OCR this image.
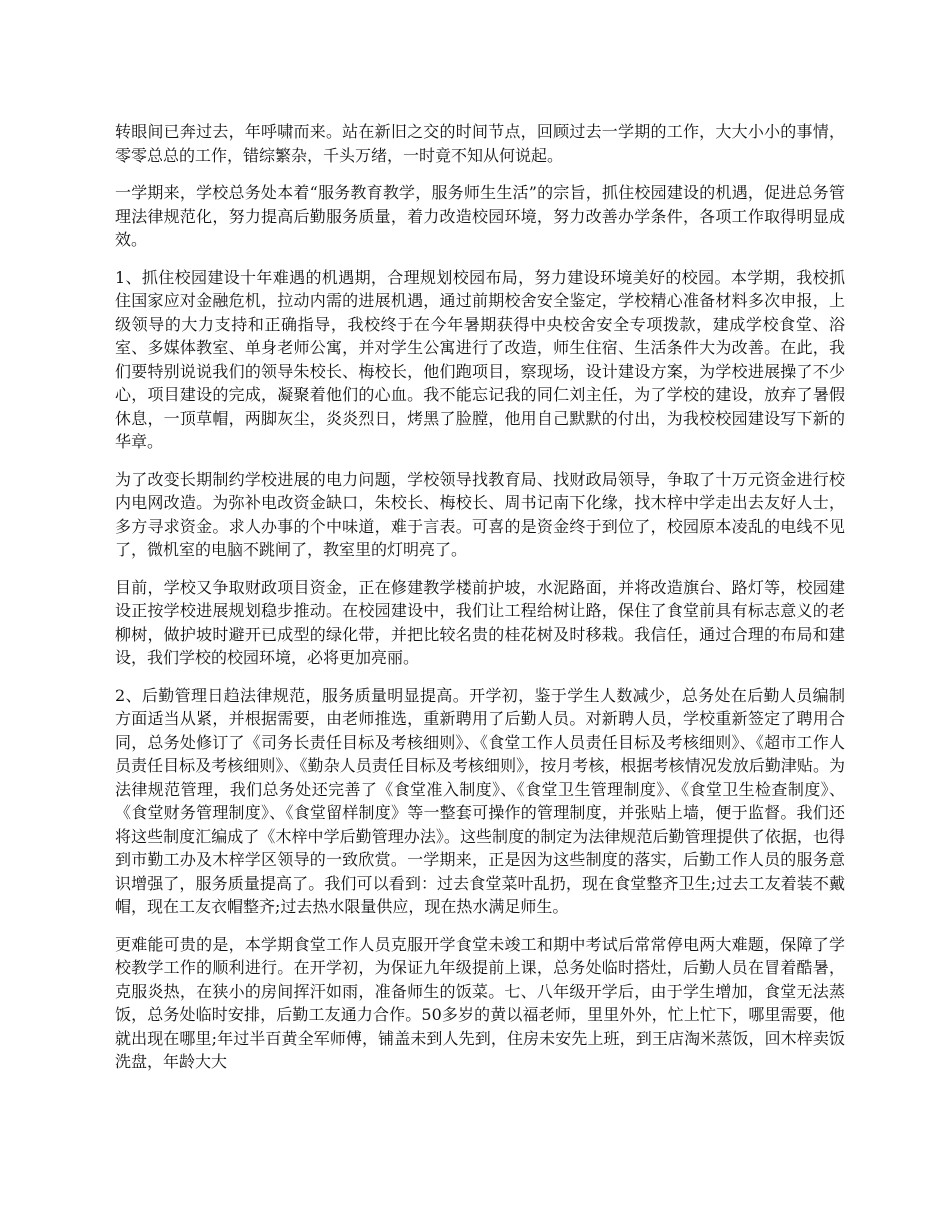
转眼间已奔过去，年呼啸而来。站在新旧之交的时间节点，回顾过去一学期的工作，大大小小的事情，零零总总的工作，错综繁杂，千头万绪，一时竟不知从何说起。

一学期来，学校总务处本着“服务教育教学，服务师生生活”的宗旨，抓住校园建设的机遇，促进总务管理法律规范化，努力提高后勤服务质量，着力改造校园环境，努力改善办学条件，各项工作取得明显成效。

1、抓住校园建设十年难遇的机遇期，合理规划校园布局，努力建设环境美好的校园。本学期，我校抓住国家应对金融危机，拉动内需的进展机遇，通过前期校舍安全鉴定，学校精心准备材料多次申报，上级领导的大力支持和正确指导，我校终于在今年暑期获得中央校舍安全专项拨款，建成学校食堂、浴室、多媒体教室、单身老师公寓，并对学生公寓进行了改造，师生住宿、生活条件大为改善。在此，我们要特别说说我们的领导朱校长、梅校长，他们跑项目，察现场，设计建设方案，为学校进展操了不少心，项目建设的完成，凝聚着他们的心血。我不能忘记我的同仁刘主任，为了学校的建设，放弃了暑假休息，一顶草帽，两脚灰尘，炎炎烈日，烤黑了脸膛，他用自己默默的付出，为我校校园建设写下新的华章。

为了改变长期制约学校进展的电力问题，学校领导找教育局、找财政局领导，争取了十万元资金进行校内电网改造。为弥补电改资金缺口，朱校长、梅校长、周书记南下化缘，找木梓中学走出去友好人士，多方寻求资金。求人办事的个中味道，难于言表。可喜的是资金终于到位了，校园原本凌乱的电线不见了，微机室的电脑不跳闸了，教室里的灯明亮了。

目前，学校又争取财政项目资金，正在修建教学楼前护坡，水泥路面，并将改造旗台、路灯等，校园建设正按学校进展规划稳步推动。在校园建设中，我们让工程给树让路，保住了食堂前具有标志意义的老柳树，做护坡时避开已成型的绿化带，并把比较名贵的桂花树及时移栽。我信任，通过合理的布局和建设，我们学校的校园环境，必将更加亮丽。

2、后勤管理日趋法律规范，服务质量明显提高。开学初，鉴于学生人数减少，总务处在后勤人员编制方面适当从紧，并根据需要，由老师推选，重新聘用了后勤人员。对新聘人员，学校重新签定了聘用合同，总务处修订了《司务长责任目标及考核细则》、《食堂工作人员责任目标及考核细则》、《超市工作人员责任目标及考核细则》、《勤杂人员责任目标及考核细则》，按月考核，根据考核情况发放后勤津贴。为法律规范管理，我们总务处还完善了《食堂准入制度》、《食堂卫生管理制度》、《食堂卫生检查制度》、《食堂财务管理制度》、《食堂留样制度》等一整套可操作的管理制度，并张贴上墙，便于监督。我们还将这些制度汇编成了《木梓中学后勤管理办法》。这些制度的制定为法律规范后勤管理提供了依据，也得到市勤工办及木梓学区领导的一致欣赏。一学期来，正是因为这些制度的落实，后勤工作人员的服务意识增强了，服务质量提高了。我们可以看到：过去食堂菜叶乱扔，现在食堂整齐卫生;过去工友着装不戴帽，现在工友衣帽整齐;过去热水限量供应，现在热水满足师生。

更难能可贵的是，本学期食堂工作人员克服开学食堂未竣工和期中考试后常常停电两大难题，保障了学校教学工作的顺利进行。在开学初，为保证九年级提前上课，总务处临时搭灶，后勤人员在冒着酷暑，克服炎热，在狭小的房间挥汗如雨，准备师生的饭菜。七、八年级开学后，由于学生增加，食堂无法蒸饭，总务处临时安排，后勤工友通力合作。50多岁的黄以福老师，里里外外，忙上忙下，哪里需要，他就出现在哪里;年过半百黄全军师傅，铺盖未到人先到，住房未安先上班，到王店淘米蒸饭，回木梓卖饭洗盘，年龄大大
